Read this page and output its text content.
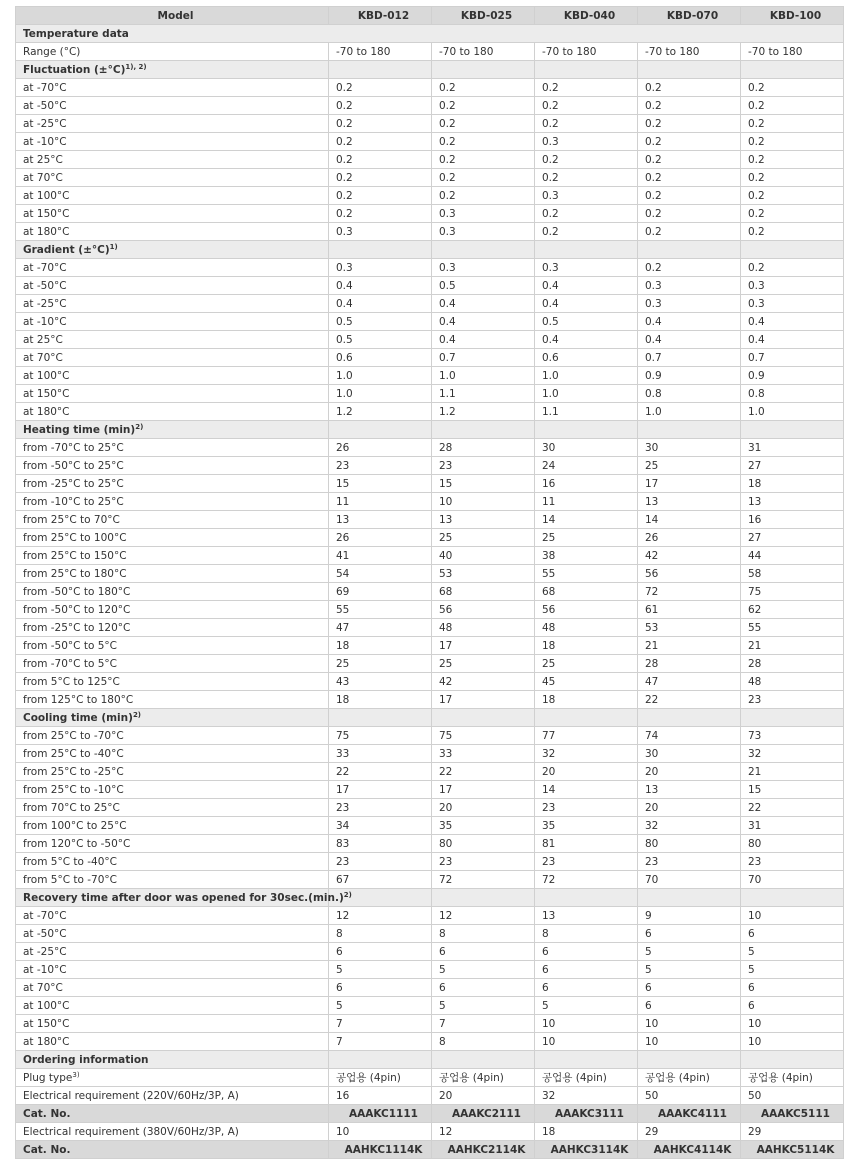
Model	KBD-012	KBD-025	KBD-040	KBD-070	KBD-100
Temperature data					
Range (°C)	-70 to 180	-70 to 180	-70 to 180	-70 to 180	-70 to 180
Fluctuation $(\pm^\circ C)^{1), 2)}$					
at -70°C	0.2	0.2	0.2	0.2	0.2
at -50°C	0.2	0.2	0.2	0.2	0.2
at -25°C	0.2	0.2	0.2	0.2	0.2
at -10°C	0.2	0.2	0.3	0.2	0.2
at 25°C	0.2	0.2	0.2	0.2	0.2
at 70°C	0.2	0.2	0.2	0.2	0.2
at 100°C	0.2	0.2	0.3	0.2	0.2
at 150°C	0.2	0.3	0.2	0.2	0.2
at 180°C	0.3	0.3	0.2	0.2	0.2
Gradient $(\pm^\circ C)^{1)}$					
at -70°C	0.3	0.3	0.3	0.2	0.2
at -50°C	0.4	0.5	0.4	0.3	0.3
at -25°C	0.4	0.4	0.4	0.3	0.3
at -10°C	0.5	0.4	0.5	0.4	0.4
at 25°C	0.5	0.4	0.4	0.4	0.4
at 70°C	0.6	0.7	0.6	0.7	0.7
at 100°C	1.0	1.0	1.0	0.9	0.9
at 150°C	1.0	1.1	1.0	0.8	0.8
at 180°C	1.2	1.2	1.1	1.0	1.0
Heating time $(\min)^{2)}$					
from -70°C to 25°C	26	28	30	30	31
from -50°C to 25°C	23	23	24	25	27
from -25°C to 25°C	15	15	16	17	18
from -10°C to 25°C	11	10	11	13	13
from 25°C to 70°C	13	13	14	14	16
from 25°C to 100°C	26	25	25	26	27
from 25°C to 150°C	41	40	38	42	44
from 25°C to 180°C	54	53	55	56	58
from -50°C to 180°C	69	68	68	72	75
from -50°C to 120°C	55	56	56	61	62
from -25°C to 120°C	47	48	48	53	55
from -50°C to 5°C	18	17	18	21	21
from -70°C to 5°C	25	25	25	28	28
from 5°C to 125°C	43	42	45	47	48
from 125°C to 180°C	18	17	18	22	23
Cooling time $(\min)^{2)}$					
from 25°C to -70°C	75	75	77	74	73
from 25°C to -40°C	33	33	32	30	32
from 25°C to -25°C	22	22	20	20	21
from 25°C to -10°C	17	17	14	13	15
from 70°C to 25°C	23	20	23	20	22
from 100°C to 25°C	34	35	35	32	31
from 120°C to -50°C	83	80	81	80	80
from 5°C to -40°C	23	23	23	23	23
from 5°C to -70°C	67	72	72	70	70
Recovery time after door was opened for $30\sec.(\min.)^{2)}$					
at -70°C	12	12	13	9	10
at -50°C	8	8	8	6	6
at -25°C	6	6	6	5	5
at -10°C	5	5	6	5	5
at 70°C	6	6	6	6	6
at 100°C	5	5	5	6	6
at 150°C	7	7	10	10	10
at 180°C	7	8	10	10	10
Ordering information					
Plug type$^{3)}$	공업용 (4pin)	공업용 (4pin)	공업용 (4pin)	공업용 (4pin)	공업용 (4pin)
Electrical requirement (220V/60Hz/3P, A)	16	20	32	50	50
Cat. No.	AAAKC1111	AAAKC2111	AAAKC3111	AAAKC4111	AAAKC5111
Electrical requirement (380V/60Hz/3P, A)	10	12	18	29	29
Cat. No.	AAHKC1114K	AAHKC2114K	AAHKC3114K	AAHKC4114K	AAHKC5114K
